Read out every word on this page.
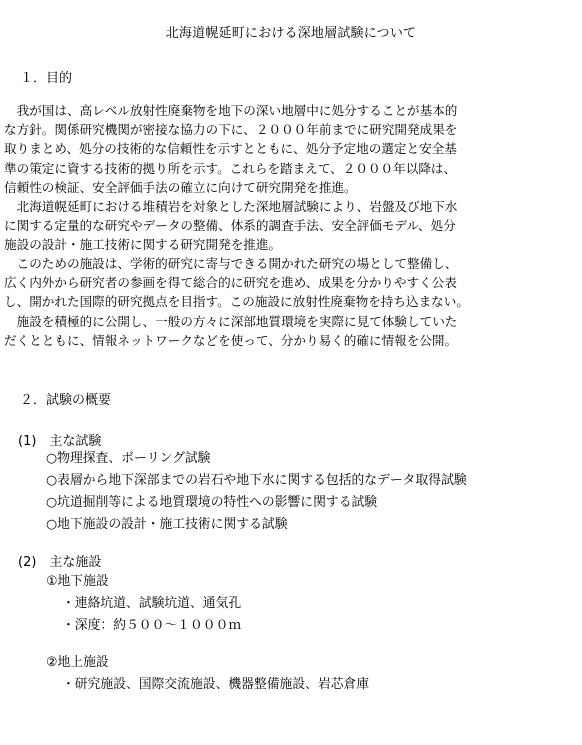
北海道幌延町における深地層試験について
１．目的
　我が国は、高レベル放射性廃棄物を地下の深い地層中に処分することが基本的
な方針。関係研究機関が密接な協力の下に、２０００年前までに研究開発成果を
取りまとめ、処分の技術的な信頼性を示すとともに、処分予定地の選定と安全基
準の策定に資する技術的拠り所を示す。これらを踏まえて、２０００年以降は、
信頼性の検証、安全評価手法の確立に向けて研究開発を推進。
　北海道幌延町における堆積岩を対象とした深地層試験により、岩盤及び地下水
に関する定量的な研究やデータの整備、体系的調査手法、安全評価モデル、処分
施設の設計・施工技術に関する研究開発を推進。
　このための施設は、学術的研究に寄与できる開かれた研究の場として整備し、
広く内外から研究者の参画を得て総合的に研究を進め、成果を分かりやすく公表
し、開かれた国際的研究拠点を目指す。この施設に放射性廃棄物を持ち込まない。
　施設を積極的に公開し、一般の方々に深部地質環境を実際に見て体験していた
だくとともに、情報ネットワークなどを使って、分かり易く的確に情報を公開。
２．試験の概要
(1)　主な試験
○物理探査、ボーリング試験
○表層から地下深部までの岩石や地下水に関する包括的なデータ取得試験
○坑道掘削等による地質環境の特性への影響に関する試験
○地下施設の設計・施工技術に関する試験
(2)　主な施設
①地下施設
・連絡坑道、試験坑道、通気孔
・深度：約５００～１０００ｍ
②地上施設
・研究施設、国際交流施設、機器整備施設、岩芯倉庫
